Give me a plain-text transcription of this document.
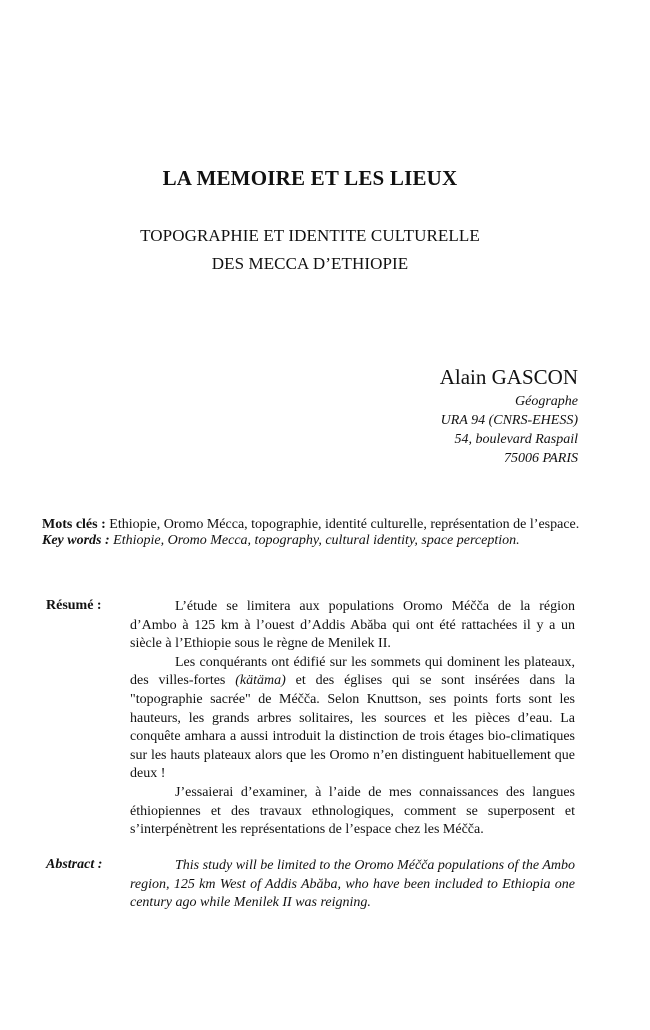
LA MEMOIRE ET LES LIEUX
TOPOGRAPHIE ET IDENTITE CULTURELLE
DES MECCA D’ETHIOPIE
Alain GASCON
Géographe
URA 94 (CNRS-EHESS)
54, boulevard Raspail
75006 PARIS
Mots clés : Ethiopie, Oromo Mécca, topographie, identité culturelle, représentation de l’espace.
Key words : Ethiopie, Oromo Mecca, topography, cultural identity, space perception.
Résumé :	L’étude se limitera aux populations Oromo Méčča de la région d’Ambo à 125 km à l’ouest d’Addis Abăba qui ont été rattachées il y a un siècle à l’Ethiopie sous le règne de Menilek II.

Les conquérants ont édifié sur les sommets qui dominent les plateaux, des villes-fortes (kätäma) et des églises qui se sont insérées dans la "topographie sacrée" de Méčča. Selon Knuttson, ses points forts sont les hauteurs, les grands arbres solitaires, les sources et les pièces d’eau. La conquête amhara a aussi introduit la distinction de trois étages bio-climatiques sur les hauts plateaux alors que les Oromo n’en distinguent habituellement que deux !

J’essaierai d’examiner, à l’aide de mes connaissances des langues éthiopiennes et des travaux ethnologiques, comment se superposent et s’interpénètrent les représentations de l’espace chez les Méčča.

Abstract :	This study will be limited to the Oromo Méčča populations of the Ambo region, 125 km West of Addis Abăba, who have been included to Ethiopia one century ago while Menilek II was reigning.
